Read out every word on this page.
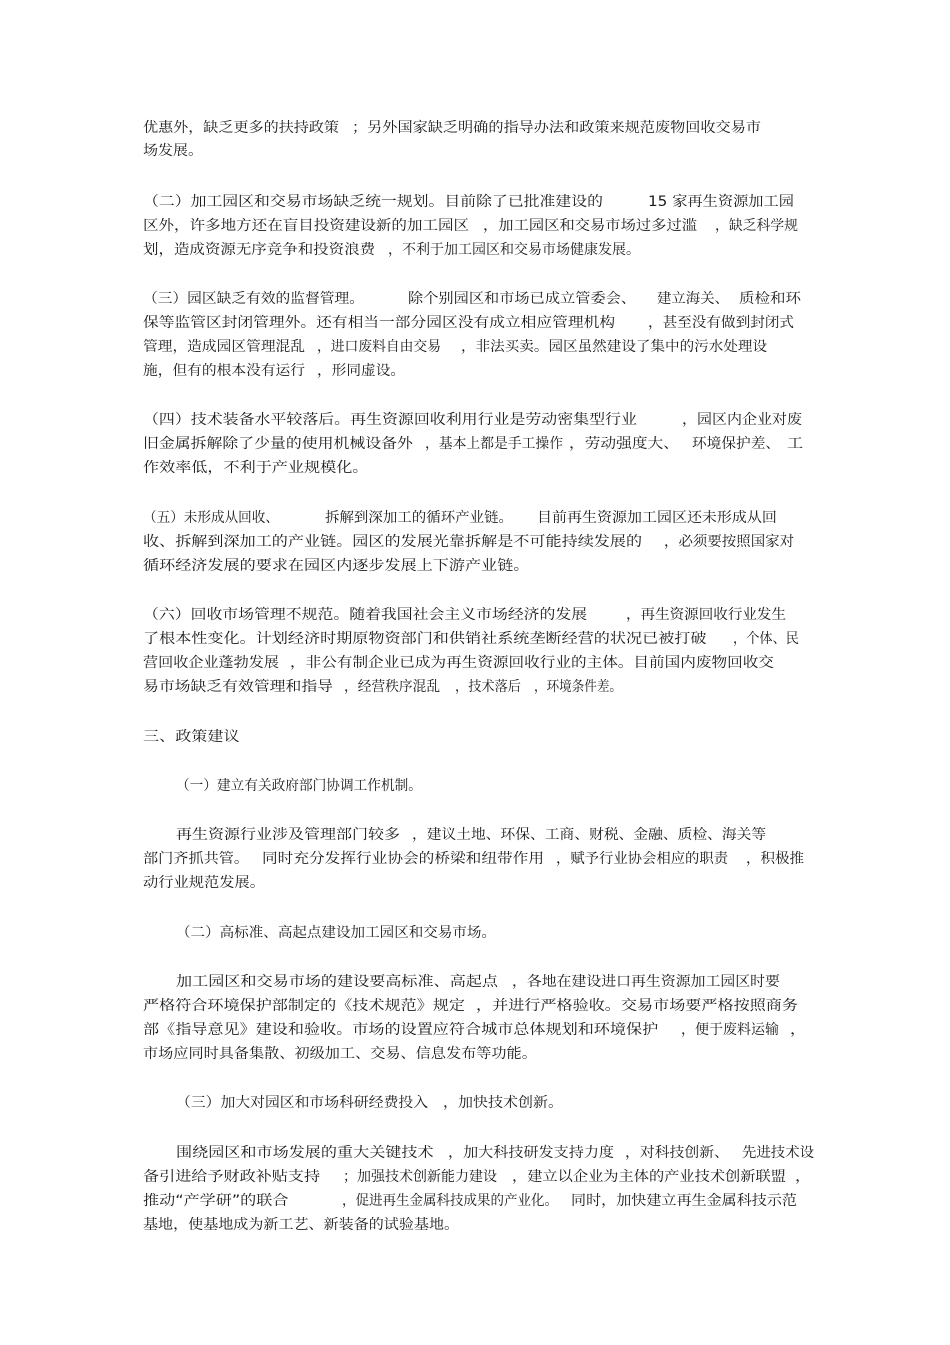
优惠外，缺乏更多的扶持政策 ；另外国家缺乏明确的指导办法和政策来规范废物回收交易市
场发展。
（二）加工园区和交易市场缺乏统一规划。目前除了已批准建设的	15 家再生资源加工园
区外，许多地方还在盲目投资建设新的加工园区 ，加工园区和交易市场过多过滥 ，缺乏科学规
划，造成资源无序竞争和投资浪费 ，不利于加工园区和交易市场健康发展。
（三）园区缺乏有效的监督管理。	除个别园区和市场已成立管委会、 建立海关、 质检和环
保等监管区封闭管理外。还有相当一部分园区没有成立相应管理机构 ，甚至没有做到封闭式
管理，造成园区管理混乱 ，进口废料自由交易 ，非法买卖。园区虽然建设了集中的污水处理设
施，但有的根本没有运行 ，形同虚设。
（四）技术装备水平较落后。再生资源回收利用行业是劳动密集型行业	，园区内企业对废
旧金属拆解除了少量的使用机械设备外 ，基本上都是手工操作 ，劳动强度大、 环境保护差、 工
作效率低，不利于产业规模化。
（五）未形成从回收、	拆解到深加工的循环产业链。 目前再生资源加工园区还未形成从回
收、拆解到深加工的产业链。园区的发展光靠拆解是不可能持续发展的 ，必须要按照国家对
循环经济发展的要求在园区内逐步发展上下游产业链。
（六）回收市场管理不规范。随着我国社会主义市场经济的发展	，再生资源回收行业发生
了根本性变化。计划经济时期原物资部门和供销社系统垄断经营的状况已被打破 ，个体、民
营回收企业蓬勃发展 ，非公有制企业已成为再生资源回收行业的主体。目前国内废物回收交
易市场缺乏有效管理和指导 ，经营秩序混乱 ，技术落后 ，环境条件差。
三、政策建议
（一）建立有关政府部门协调工作机制。
再生资源行业涉及管理部门较多 ，建议土地、环保、工商、财税、金融、质检、海关等
部门齐抓共管。 同时充分发挥行业协会的桥梁和纽带作用 ，赋予行业协会相应的职责 ，积极推
动行业规范发展。
（二）高标准、高起点建设加工园区和交易市场。
加工园区和交易市场的建设要高标准、高起点 ，各地在建设进口再生资源加工园区时要
严格符合环境保护部制定的《技术规范》规定 ，并进行严格验收。交易市场要严格按照商务
部《指导意见》建设和验收。市场的设置应符合城市总体规划和环境保护 ，便于废料运输 ，
市场应同时具备集散、初级加工、交易、信息发布等功能。
（三）加大对园区和市场科研经费投入 ，加快技术创新。
围绕园区和市场发展的重大关键技术 ，加大科技研发支持力度 ，对科技创新、 先进技术设
备引进给予财政补贴支持 ；加强技术创新能力建设 ，建立以企业为主体的产业技术创新联盟 ，
推动“产学研”的联合	，促进再生金属科技成果的产业化。 同时，加快建立再生金属科技示范
基地，使基地成为新工艺、新装备的试验基地。
